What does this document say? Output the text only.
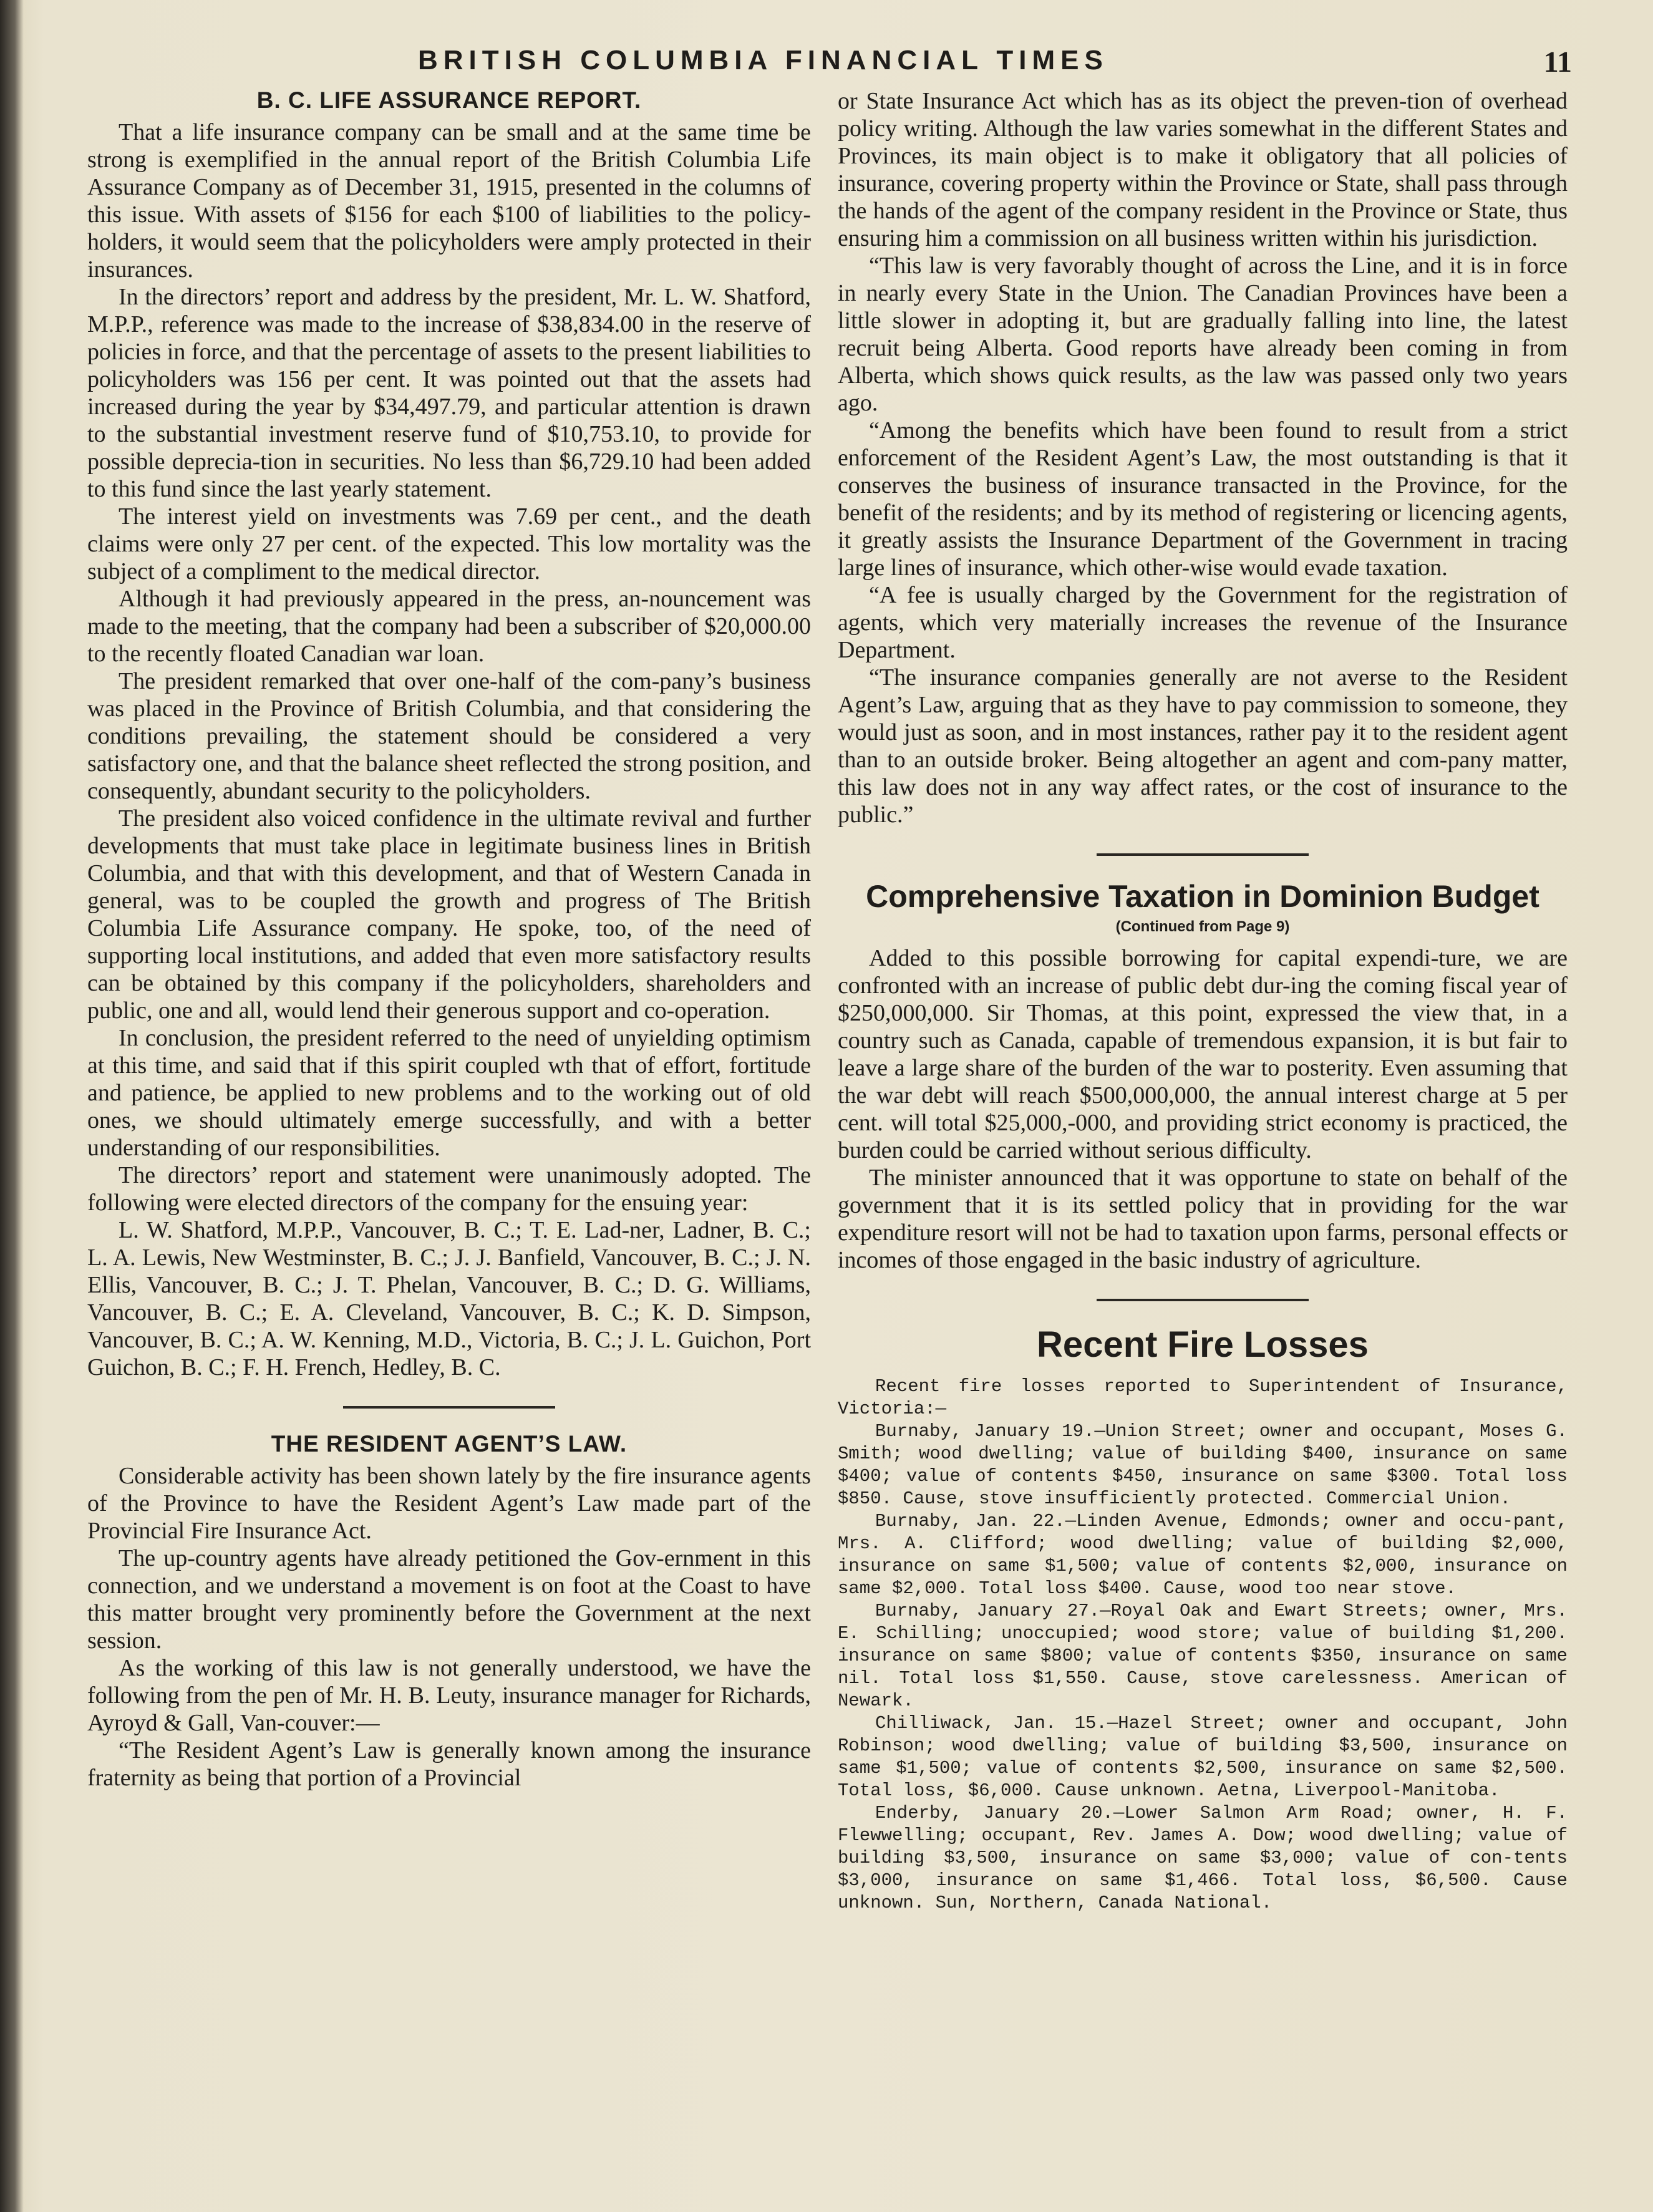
BRITISH COLUMBIA FINANCIAL TIMES	11
B. C. LIFE ASSURANCE REPORT.

That a life insurance company can be small and at the same time be strong is exemplified in the annual report of the British Columbia Life Assurance Company as of December 31, 1915, presented in the columns of this issue. With assets of $156 for each $100 of liabilities to the policy-holders, it would seem that the policyholders were amply protected in their insurances.

In the directors’ report and address by the president, Mr. L. W. Shatford, M.P.P., reference was made to the increase of $38,834.00 in the reserve of policies in force, and that the percentage of assets to the present liabilities to policyholders was 156 per cent. It was pointed out that the assets had increased during the year by $34,497.79, and particular attention is drawn to the substantial investment reserve fund of $10,753.10, to provide for possible deprecia-tion in securities. No less than $6,729.10 had been added to this fund since the last yearly statement.

The interest yield on investments was 7.69 per cent., and the death claims were only 27 per cent. of the expected. This low mortality was the subject of a compliment to the medical director.

Although it had previously appeared in the press, an-nouncement was made to the meeting, that the company had been a subscriber of $20,000.00 to the recently floated Canadian war loan.

The president remarked that over one-half of the com-pany’s business was placed in the Province of British Columbia, and that considering the conditions prevailing, the statement should be considered a very satisfactory one, and that the balance sheet reflected the strong position, and consequently, abundant security to the policyholders.

The president also voiced confidence in the ultimate revival and further developments that must take place in legitimate business lines in British Columbia, and that with this development, and that of Western Canada in general, was to be coupled the growth and progress of The British Columbia Life Assurance company. He spoke, too, of the need of supporting local institutions, and added that even more satisfactory results can be obtained by this company if the policyholders, shareholders and public, one and all, would lend their generous support and co-operation.

In conclusion, the president referred to the need of unyielding optimism at this time, and said that if this spirit coupled wth that of effort, fortitude and patience, be applied to new problems and to the working out of old ones, we should ultimately emerge successfully, and with a better understanding of our responsibilities.

The directors’ report and statement were unanimously adopted. The following were elected directors of the company for the ensuing year:

L. W. Shatford, M.P.P., Vancouver, B. C.; T. E. Lad-ner, Ladner, B. C.; L. A. Lewis, New Westminster, B. C.; J. J. Banfield, Vancouver, B. C.; J. N. Ellis, Vancouver, B. C.; J. T. Phelan, Vancouver, B. C.; D. G. Williams, Vancouver, B. C.; E. A. Cleveland, Vancouver, B. C.; K. D. Simpson, Vancouver, B. C.; A. W. Kenning, M.D., Victoria, B. C.; J. L. Guichon, Port Guichon, B. C.; F. H. French, Hedley, B. C.

THE RESIDENT AGENT’S LAW.

Considerable activity has been shown lately by the fire insurance agents of the Province to have the Resident Agent’s Law made part of the Provincial Fire Insurance Act.

The up-country agents have already petitioned the Gov-ernment in this connection, and we understand a movement is on foot at the Coast to have this matter brought very prominently before the Government at the next session.

As the working of this law is not generally understood, we have the following from the pen of Mr. H. B. Leuty, insurance manager for Richards, Ayroyd & Gall, Van-couver:—

“The Resident Agent’s Law is generally known among the insurance fraternity as being that portion of a Provincial

or State Insurance Act which has as its object the preven-tion of overhead policy writing. Although the law varies somewhat in the different States and Provinces, its main object is to make it obligatory that all policies of insurance, covering property within the Province or State, shall pass through the hands of the agent of the company resident in the Province or State, thus ensuring him a commission on all business written within his jurisdiction.

“This law is very favorably thought of across the Line, and it is in force in nearly every State in the Union. The Canadian Provinces have been a little slower in adopting it, but are gradually falling into line, the latest recruit being Alberta. Good reports have already been coming in from Alberta, which shows quick results, as the law was passed only two years ago.

“Among the benefits which have been found to result from a strict enforcement of the Resident Agent’s Law, the most outstanding is that it conserves the business of insurance transacted in the Province, for the benefit of the residents; and by its method of registering or licencing agents, it greatly assists the Insurance Department of the Government in tracing large lines of insurance, which other-wise would evade taxation.

“A fee is usually charged by the Government for the registration of agents, which very materially increases the revenue of the Insurance Department.

“The insurance companies generally are not averse to the Resident Agent’s Law, arguing that as they have to pay commission to someone, they would just as soon, and in most instances, rather pay it to the resident agent than to an outside broker. Being altogether an agent and com-pany matter, this law does not in any way affect rates, or the cost of insurance to the public.”

Comprehensive Taxation in Dominion Budget
(Continued from Page 9)

Added to this possible borrowing for capital expendi-ture, we are confronted with an increase of public debt dur-ing the coming fiscal year of $250,000,000. Sir Thomas, at this point, expressed the view that, in a country such as Canada, capable of tremendous expansion, it is but fair to leave a large share of the burden of the war to posterity. Even assuming that the war debt will reach $500,000,000, the annual interest charge at 5 per cent. will total $25,000,-000, and providing strict economy is practiced, the burden could be carried without serious difficulty.

The minister announced that it was opportune to state on behalf of the government that it is its settled policy that in providing for the war expenditure resort will not be had to taxation upon farms, personal effects or incomes of those engaged in the basic industry of agriculture.

Recent Fire Losses

Recent fire losses reported to Superintendent of Insurance, Victoria:—

Burnaby, January 19.—Union Street; owner and occupant, Moses G. Smith; wood dwelling; value of building $400, insurance on same $400; value of contents $450, insurance on same $300. Total loss $850. Cause, stove insufficiently protected. Commercial Union.

Burnaby, Jan. 22.—Linden Avenue, Edmonds; owner and occu-pant, Mrs. A. Clifford; wood dwelling; value of building $2,000, insurance on same $1,500; value of contents $2,000, insurance on same $2,000. Total loss $400. Cause, wood too near stove.

Burnaby, January 27.—Royal Oak and Ewart Streets; owner, Mrs. E. Schilling; unoccupied; wood store; value of building $1,200. insurance on same $800; value of contents $350, insurance on same nil. Total loss $1,550. Cause, stove carelessness. American of Newark.

Chilliwack, Jan. 15.—Hazel Street; owner and occupant, John Robinson; wood dwelling; value of building $3,500, insurance on same $1,500; value of contents $2,500, insurance on same $2,500. Total loss, $6,000. Cause unknown. Aetna, Liverpool-Manitoba.

Enderby, January 20.—Lower Salmon Arm Road; owner, H. F. Flewwelling; occupant, Rev. James A. Dow; wood dwelling; value of building $3,500, insurance on same $3,000; value of con-tents $3,000, insurance on same $1,466. Total loss, $6,500. Cause unknown. Sun, Northern, Canada National.
